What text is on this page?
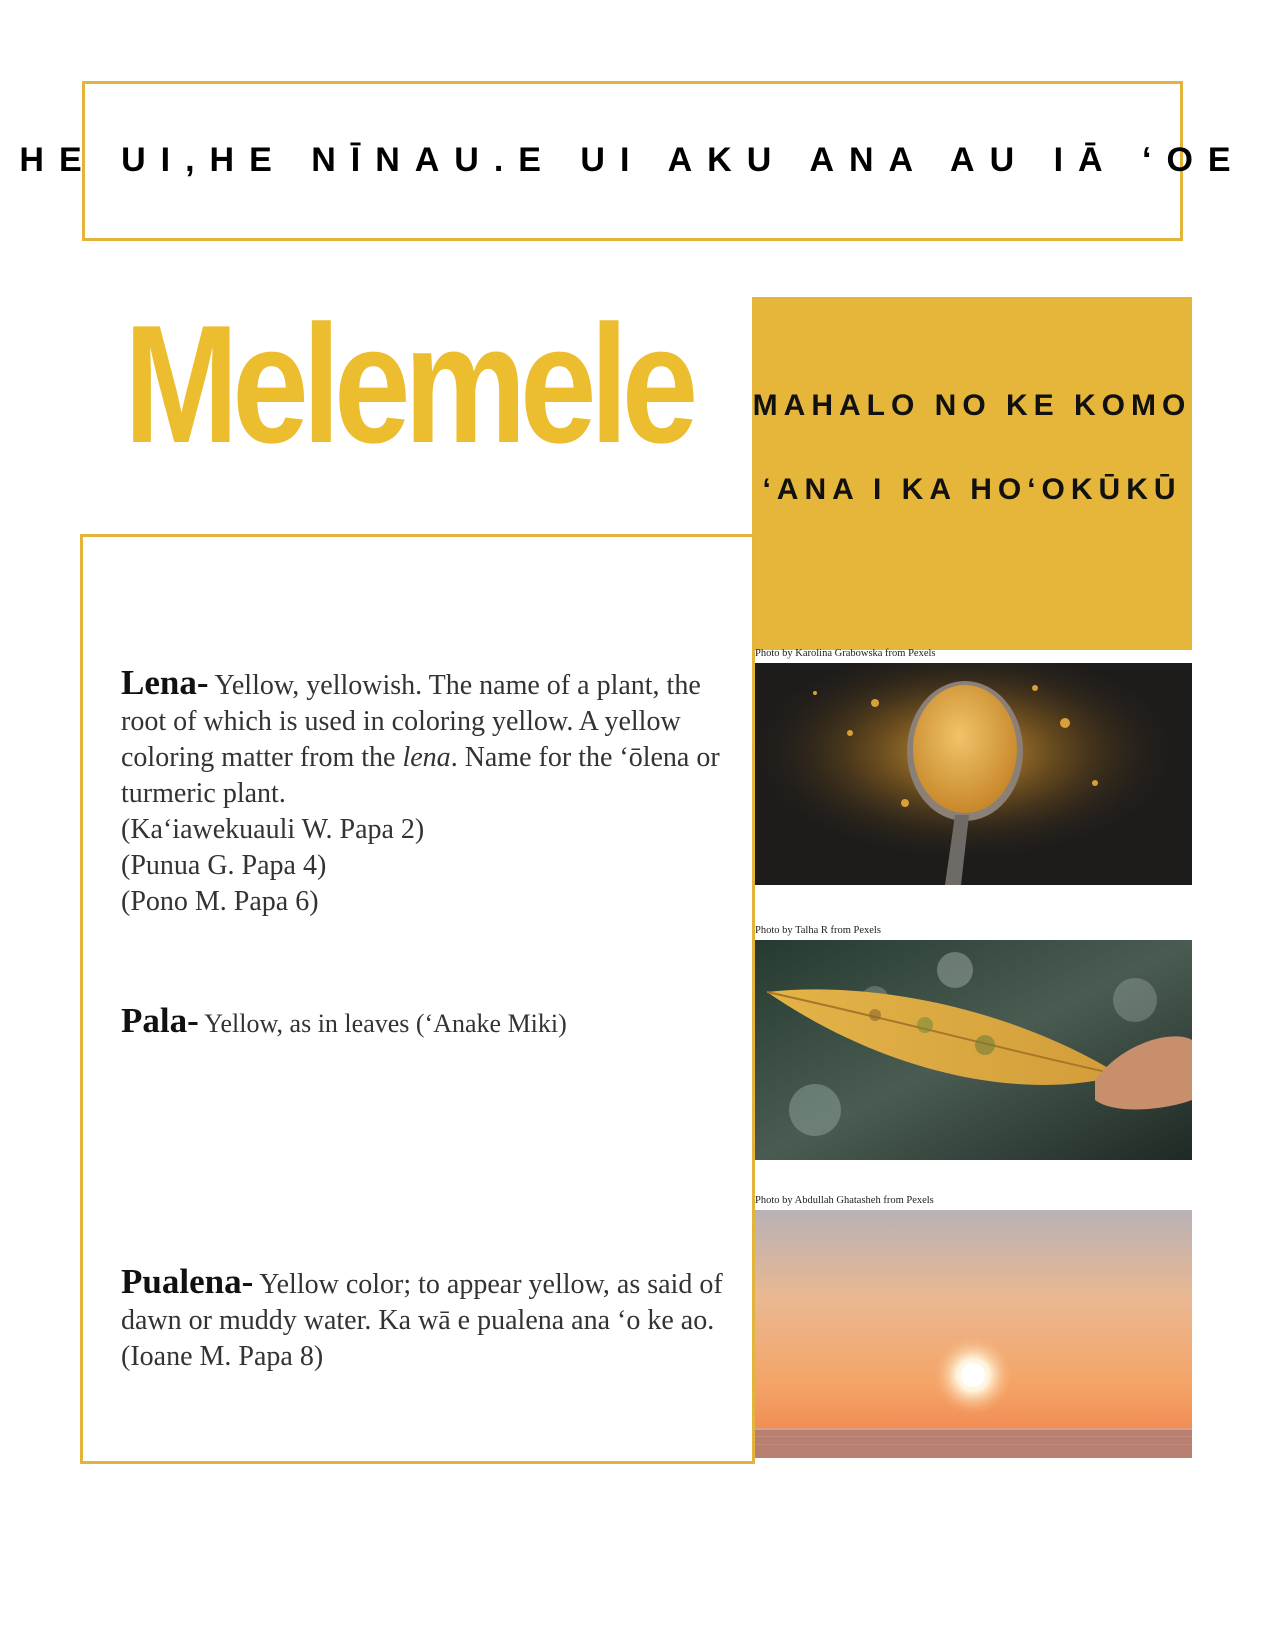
HE UI,HE NĪNAU.E UI AKU ANA AU IĀ ʻOE
Melemele MAHALO NO KE KOMO
ʻANA I KA HOʻOKŪKŪ
Lena- Yellow, yellowish. The name of a plant, the root of which is used in coloring yellow. A yellow coloring matter from the lena. Name for the ʻōlena or turmeric plant.
(Kaʻiawekuauli W. Papa 2)
(Punua G. Papa 4)
(Pono M. Papa 6)
Pala- Yellow, as in leaves (ʻAnake Miki)
Pualena- Yellow color; to appear yellow, as said of dawn or muddy water. Ka wā e pualena ana ʻo ke ao. (Ioane M. Papa 8)
Photo by Karolina Grabowska from Pexels
Photo by Talha R from Pexels
Photo by Abdullah Ghatasheh from Pexels
